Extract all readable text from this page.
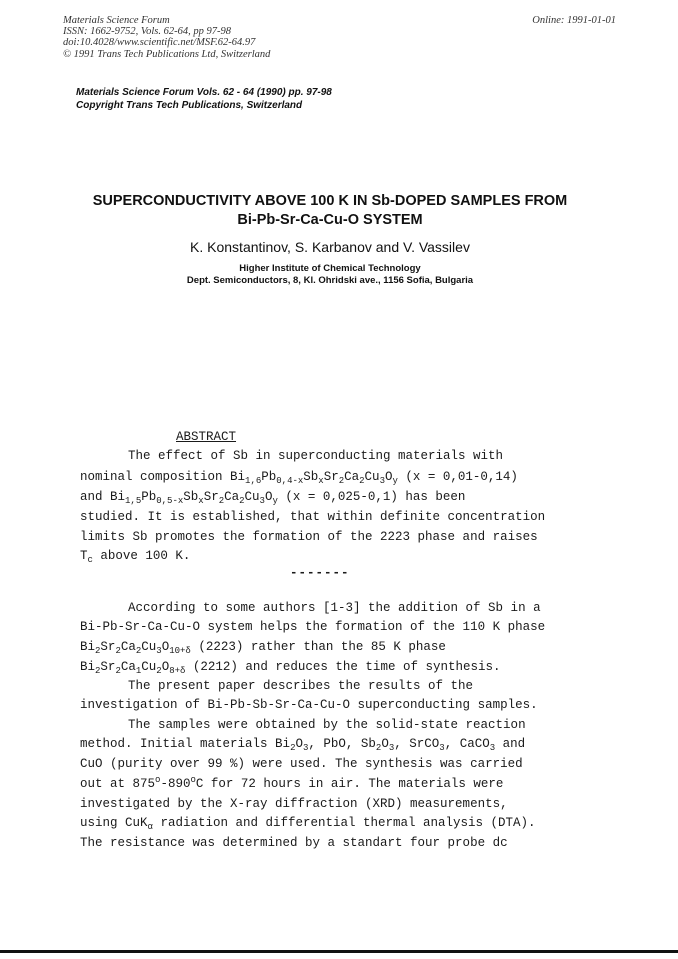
Materials Science Forum
ISSN: 1662-9752, Vols. 62-64, pp 97-98
doi:10.4028/www.scientific.net/MSF.62-64.97
© 1991 Trans Tech Publications Ltd, Switzerland
Online: 1991-01-01
Materials Science Forum Vols. 62 - 64 (1990) pp. 97-98
Copyright Trans Tech Publications, Switzerland
SUPERCONDUCTIVITY ABOVE 100 K IN Sb-DOPED SAMPLES FROM
Bi-Pb-Sr-Ca-Cu-O SYSTEM
K. Konstantinov, S. Karbanov and V. Vassilev
Higher Institute of Chemical Technology
Dept. Semiconductors, 8, Kl. Ohridski ave., 1156 Sofia, Bulgaria
ABSTRACT
The effect of Sb in superconducting materials with
nominal composition $Bi_{1,6}Pb_{0,4-x}Sb_xSr_2Ca_2Cu_3O_y$ (x = 0,01-0,14)
and $Bi_{1,5}Pb_{0,5-x}Sb_xSr_2Ca_2Cu_3O_y$ (x = 0,025-0,1) has been
studied. It is established, that within definite concentration
limits Sb promotes the formation of the 2223 phase and raises
$T_c$ above 100 K.
-------
According to some authors [1-3] the addition of Sb in a
Bi-Pb-Sr-Ca-Cu-O system helps the formation of the 110 K phase
$Bi_2Sr_2Ca_2Cu_3O_{10+\delta}$ (2223) rather than the 85 K phase
$Bi_2Sr_2Ca_1Cu_2O_{8+\delta}$ (2212) and reduces the time of synthesis.
The present paper describes the results of the
investigation of Bi-Pb-Sb-Sr-Ca-Cu-O superconducting samples.
The samples were obtained by the solid-state reaction
method. Initial materials $Bi_2O_3$, PbO, $Sb_2O_3$, SrCO$_3$, CaCO$_3$ and
CuO (purity over 99 %) were used. The synthesis was carried
out at 875$^o$-890$^o$C for 72 hours in air. The materials were
investigated by the X-ray diffraction (XRD) measurements,
using CuK$_\alpha$ radiation and differential thermal analysis (DTA).
The resistance was determined by a standart four probe dc
